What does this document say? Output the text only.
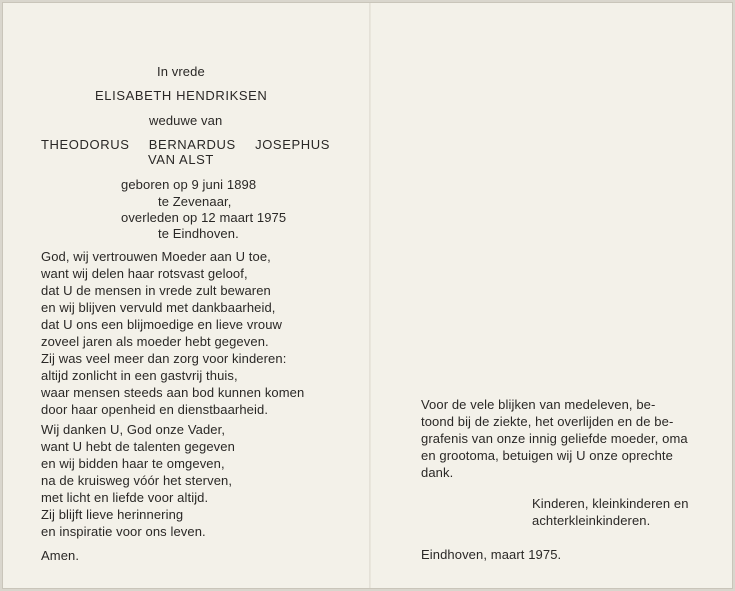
In vrede
ELISABETH HENDRIKSEN
weduwe van
THEODORUS BERNARDUS JOSEPHUS
VAN ALST
geboren op 9 juni 1898
te Zevenaar,
overleden op 12 maart 1975
te Eindhoven.
God, wij vertrouwen Moeder aan U toe,
want wij delen haar rotsvast geloof,
dat U de mensen in vrede zult bewaren
en wij blijven vervuld met dankbaarheid,
dat U ons een blijmoedige en lieve vrouw
zoveel jaren als moeder hebt gegeven.
Zij was veel meer dan zorg voor kinderen:
altijd zonlicht in een gastvrij thuis,
waar mensen steeds aan bod kunnen komen
door haar openheid en dienstbaarheid.
Wij danken U, God onze Vader,
want U hebt de talenten gegeven
en wij bidden haar te omgeven,
na de kruisweg vóór het sterven,
met licht en liefde voor altijd.
Zij blijft lieve herinnering
en inspiratie voor ons leven.
Amen.
Voor de vele blijken van medeleven, be-
toond bij de ziekte, het overlijden en de be-
grafenis van onze innig geliefde moeder, oma
en grootoma, betuigen wij U onze oprechte
dank.
Kinderen, kleinkinderen en
achterkleinkinderen.
Eindhoven, maart 1975.
